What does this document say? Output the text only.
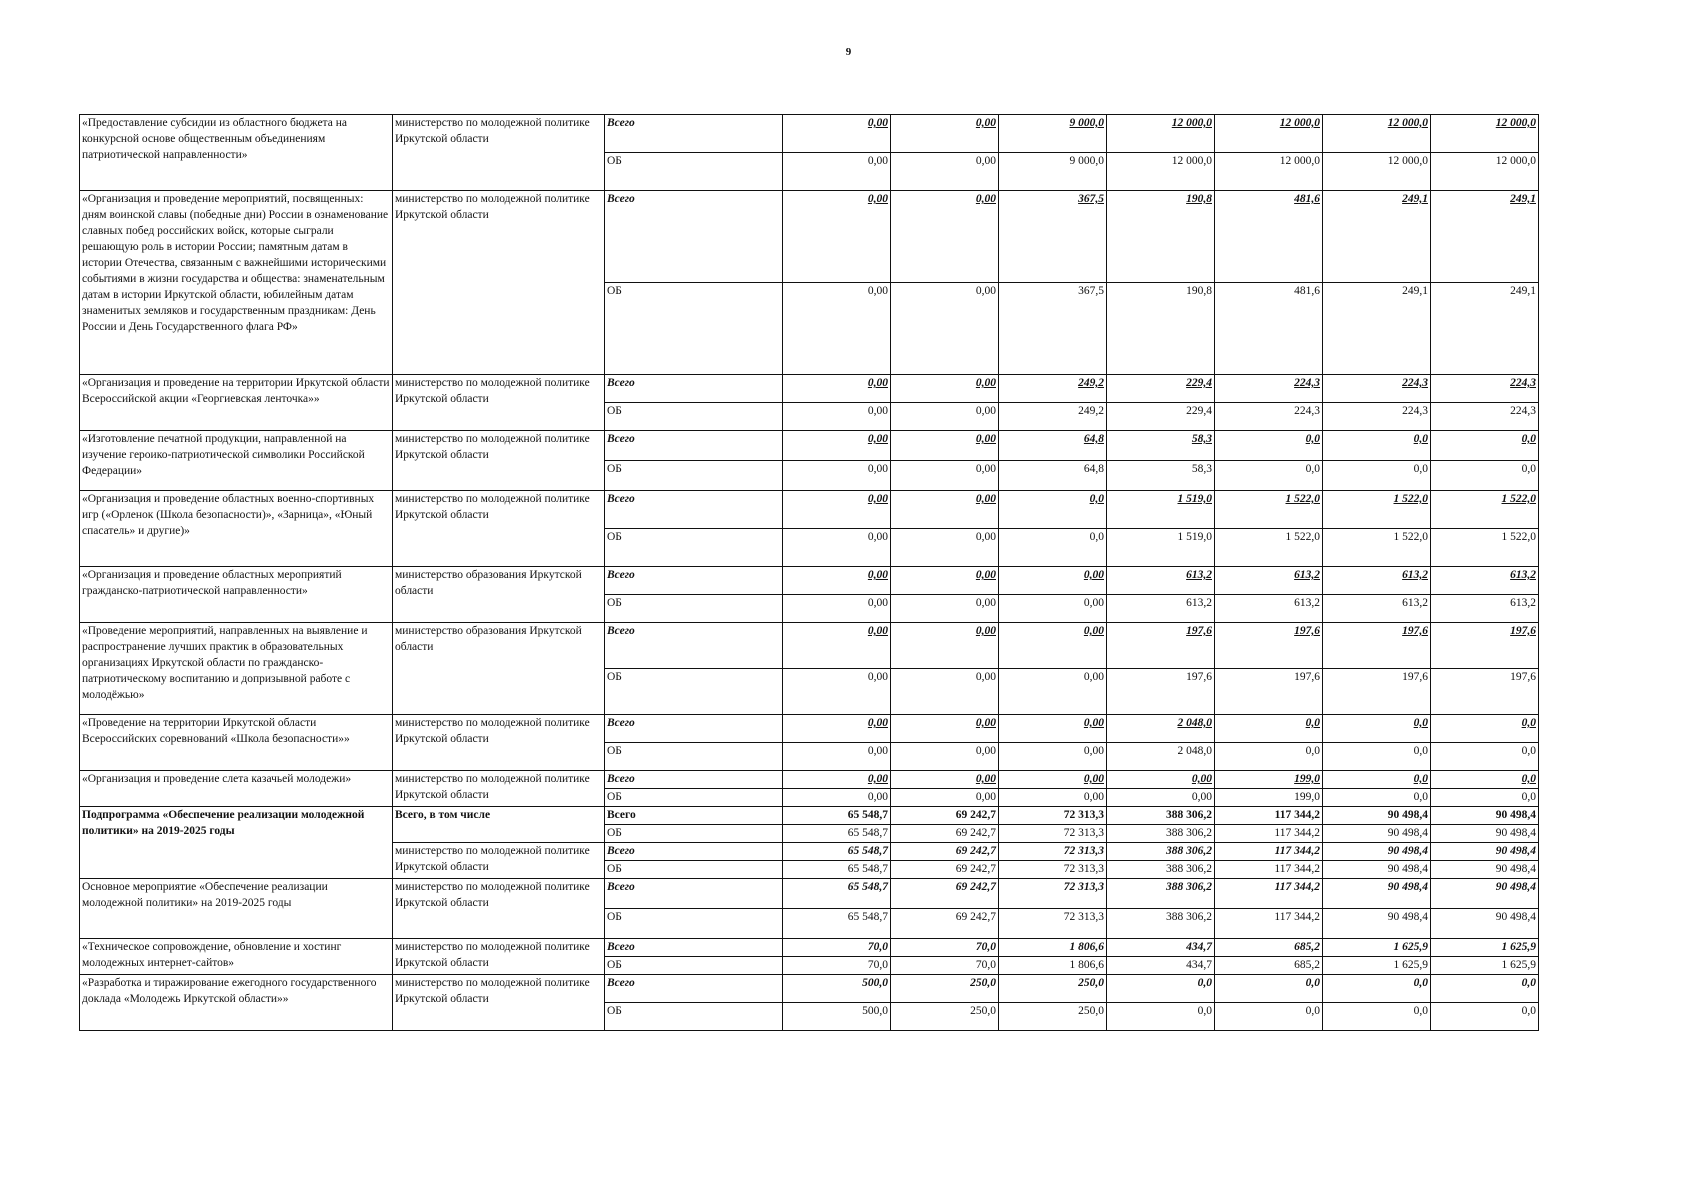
9
«Предоставление субсидии из областного бюджета на конкурсной основе общественным объединениям патриотической направленности»	министерство по молодежной политике Иркутской области	Всего	0,00	0,00	9 000,0	12 000,0	12 000,0	12 000,0	12 000,0
		ОБ	0,00	0,00	9 000,0	12 000,0	12 000,0	12 000,0	12 000,0
«Организация и проведение мероприятий, посвященных: дням воинской славы (победные дни) России в ознаменование славных побед российских войск, которые сыграли решающую роль в истории России; памятным датам в истории Отечества, связанным с важнейшими историческими событиями в жизни государства и общества: знаменательным датам в истории Иркутской области, юбилейным датам знаменитых земляков и государственным праздникам: День России и День Государственного флага РФ»	министерство по молодежной политике Иркутской области	Всего	0,00	0,00	367,5	190,8	481,6	249,1	249,1
		ОБ	0,00	0,00	367,5	190,8	481,6	249,1	249,1
«Организация и проведение на территории Иркутской области Всероссийской акции «Георгиевская ленточка»»	министерство по молодежной политике Иркутской области	Всего	0,00	0,00	249,2	229,4	224,3	224,3	224,3
		ОБ	0,00	0,00	249,2	229,4	224,3	224,3	224,3
«Изготовление печатной продукции, направленной на изучение героико-патриотической символики Российской Федерации»	министерство по молодежной политике Иркутской области	Всего	0,00	0,00	64,8	58,3	0,0	0,0	0,0
		ОБ	0,00	0,00	64,8	58,3	0,0	0,0	0,0
«Организация и проведение областных военно-спортивных игр («Орленок (Школа безопасности)», «Зарница», «Юный спасатель» и другие)»	министерство по молодежной политике Иркутской области	Всего	0,00	0,00	0,0	1 519,0	1 522,0	1 522,0	1 522,0
		ОБ	0,00	0,00	0,0	1 519,0	1 522,0	1 522,0	1 522,0
«Организация и проведение областных мероприятий гражданско-патриотической направленности»	министерство образования Иркутской области	Всего	0,00	0,00	0,00	613,2	613,2	613,2	613,2
		ОБ	0,00	0,00	0,00	613,2	613,2	613,2	613,2
«Проведение мероприятий, направленных на выявление и распространение лучших практик в образовательных организациях Иркутской области по гражданско-патриотическому воспитанию и допризывной работе с молодёжью»	министерство образования Иркутской области	Всего	0,00	0,00	0,00	197,6	197,6	197,6	197,6
		ОБ	0,00	0,00	0,00	197,6	197,6	197,6	197,6
«Проведение на территории Иркутской области Всероссийских соревнований «Школа безопасности»»	министерство по молодежной политике Иркутской области	Всего	0,00	0,00	0,00	2 048,0	0,0	0,0	0,0
		ОБ	0,00	0,00	0,00	2 048,0	0,0	0,0	0,0
«Организация и проведение слета казачьей молодежи»	министерство по молодежной политике Иркутской области	Всего	0,00	0,00	0,00	0,00	199,0	0,0	0,0
		ОБ	0,00	0,00	0,00	0,00	199,0	0,0	0,0
Подпрограмма «Обеспечение реализации молодежной политики» на 2019-2025 годы	Всего, в том числе	Всего	65 548,7	69 242,7	72 313,3	388 306,2	117 344,2	90 498,4	90 498,4
		ОБ	65 548,7	69 242,7	72 313,3	388 306,2	117 344,2	90 498,4	90 498,4
	министерство по молодежной политике Иркутской области	Всего	65 548,7	69 242,7	72 313,3	388 306,2	117 344,2	90 498,4	90 498,4
		ОБ	65 548,7	69 242,7	72 313,3	388 306,2	117 344,2	90 498,4	90 498,4
Основное мероприятие «Обеспечение реализации молодежной политики» на 2019-2025 годы	министерство по молодежной политике Иркутской области	Всего	65 548,7	69 242,7	72 313,3	388 306,2	117 344,2	90 498,4	90 498,4
		ОБ	65 548,7	69 242,7	72 313,3	388 306,2	117 344,2	90 498,4	90 498,4
«Техническое сопровождение, обновление и хостинг молодежных интернет-сайтов»	министерство по молодежной политике Иркутской области	Всего	70,0	70,0	1 806,6	434,7	685,2	1 625,9	1 625,9
		ОБ	70,0	70,0	1 806,6	434,7	685,2	1 625,9	1 625,9
«Разработка и тиражирование ежегодного государственного доклада «Молодежь Иркутской области»»	министерство по молодежной политике Иркутской области	Всего	500,0	250,0	250,0	0,0	0,0	0,0	0,0
		ОБ	500,0	250,0	250,0	0,0	0,0	0,0	0,0
